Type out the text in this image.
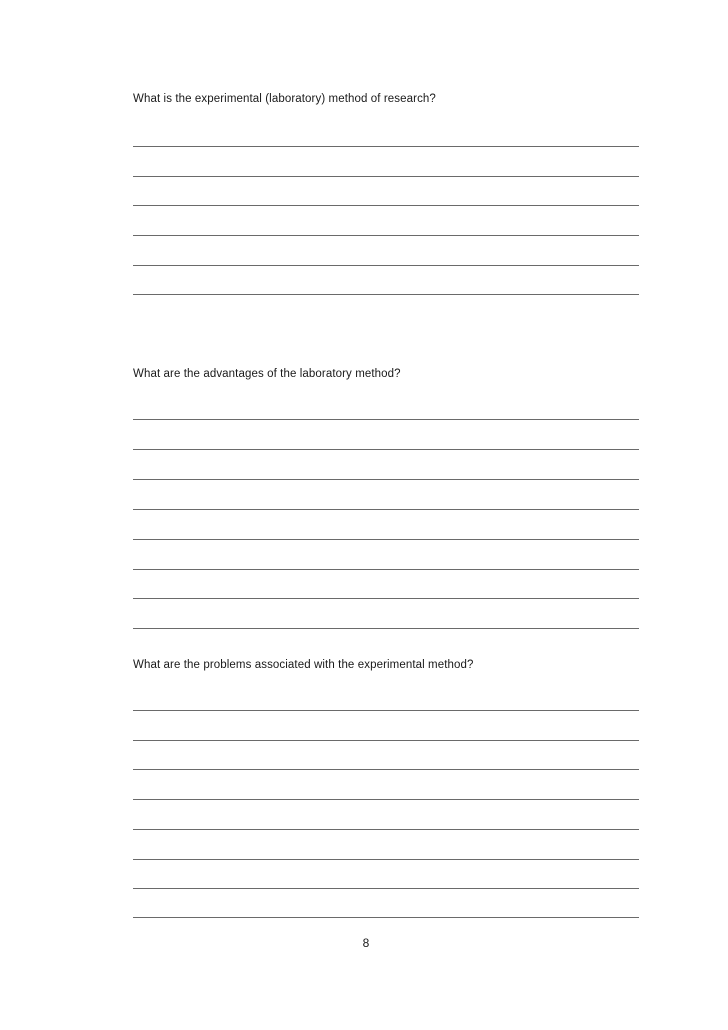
What is the experimental (laboratory) method of research?
What are the advantages of the laboratory method?
What are the problems associated with the experimental method?
8
